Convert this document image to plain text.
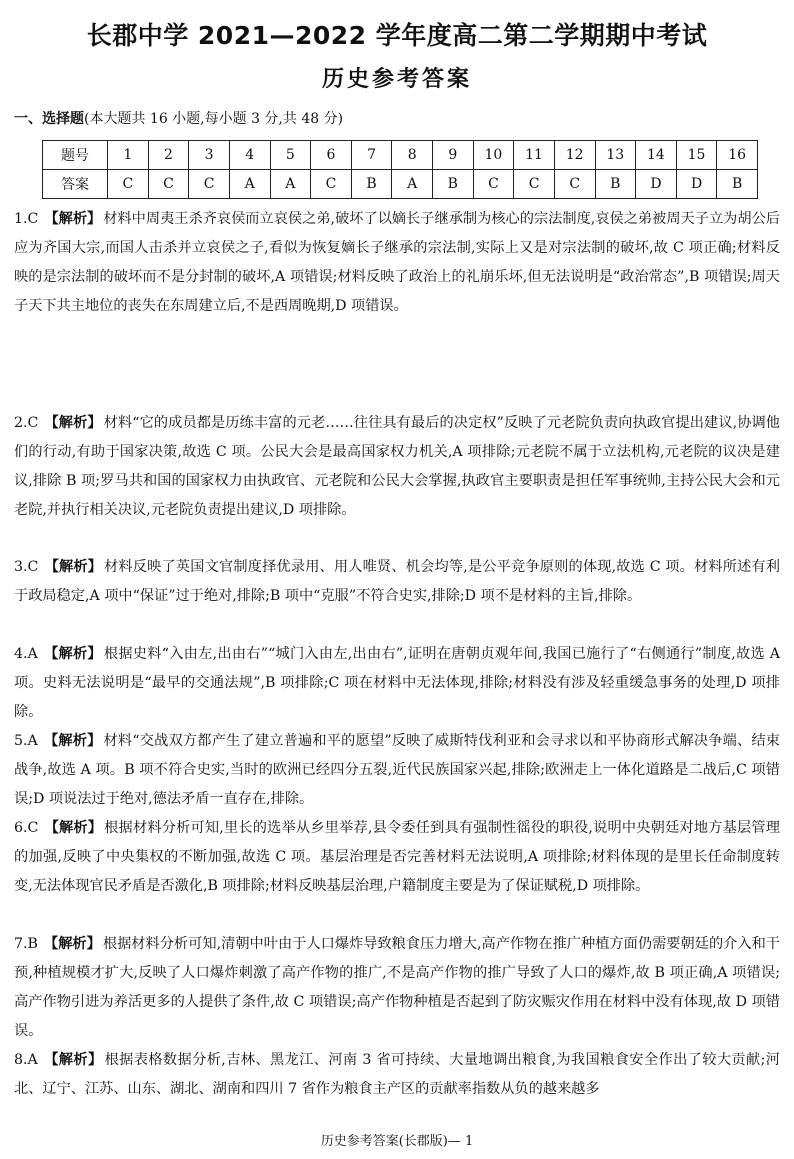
长郡中学 2021—2022 学年度高二第二学期期中考试
历史参考答案
一、选择题(本大题共 16 小题,每小题 3 分,共 48 分)
题号	1	2	3	4	5	6	7	8	9	10	11	12	13	14	15	16
答案	C	C	C	A	A	C	B	A	B	C	C	C	B	D	D	B
1.C 【解析】 材料中周夷王杀齐哀侯而立哀侯之弟,破坏了以嫡长子继承制为核心的宗法制度,哀侯之弟被周天子立为胡公后应为齐国大宗,而国人击杀并立哀侯之子,看似为恢复嫡长子继承的宗法制,实际上又是对宗法制的破坏,故 C 项正确;材料反映的是宗法制的破坏而不是分封制的破坏,A 项错误;材料反映了政治上的礼崩乐坏,但无法说明是“政治常态”,B 项错误;周天子天下共主地位的丧失在东周建立后,不是西周晚期,D 项错误。
2.C 【解析】 材料“它的成员都是历练丰富的元老……往往具有最后的决定权”反映了元老院负责向执政官提出建议,协调他们的行动,有助于国家决策,故选 C 项。公民大会是最高国家权力机关,A 项排除;元老院不属于立法机构,元老院的议决是建议,排除 B 项;罗马共和国的国家权力由执政官、元老院和公民大会掌握,执政官主要职责是担任军事统帅,主持公民大会和元老院,并执行相关决议,元老院负责提出建议,D 项排除。
3.C 【解析】 材料反映了英国文官制度择优录用、用人唯贤、机会均等,是公平竞争原则的体现,故选 C 项。材料所述有利于政局稳定,A 项中“保证”过于绝对,排除;B 项中“克服”不符合史实,排除;D 项不是材料的主旨,排除。
4.A 【解析】 根据史料“入由左,出由右”“城门入由左,出由右”,证明在唐朝贞观年间,我国已施行了“右侧通行”制度,故选 A 项。史料无法说明是“最早的交通法规”,B 项排除;C 项在材料中无法体现,排除;材料没有涉及轻重缓急事务的处理,D 项排除。
5.A 【解析】 材料“交战双方都产生了建立普遍和平的愿望”反映了威斯特伐利亚和会寻求以和平协商形式解决争端、结束战争,故选 A 项。B 项不符合史实,当时的欧洲已经四分五裂,近代民族国家兴起,排除;欧洲走上一体化道路是二战后,C 项错误;D 项说法过于绝对,德法矛盾一直存在,排除。
6.C 【解析】 根据材料分析可知,里长的选举从乡里举荐,县令委任到具有强制性徭役的职役,说明中央朝廷对地方基层管理的加强,反映了中央集权的不断加强,故选 C 项。基层治理是否完善材料无法说明,A 项排除;材料体现的是里长任命制度转变,无法体现官民矛盾是否激化,B 项排除;材料反映基层治理,户籍制度主要是为了保证赋税,D 项排除。
7.B 【解析】 根据材料分析可知,清朝中叶由于人口爆炸导致粮食压力增大,高产作物在推广种植方面仍需要朝廷的介入和干预,种植规模才扩大,反映了人口爆炸刺激了高产作物的推广,不是高产作物的推广导致了人口的爆炸,故 B 项正确,A 项错误;高产作物引进为养活更多的人提供了条件,故 C 项错误;高产作物种植是否起到了防灾赈灾作用在材料中没有体现,故 D 项错误。
8.A 【解析】 根据表格数据分析,吉林、黑龙江、河南 3 省可持续、大量地调出粮食,为我国粮食安全作出了较大贡献;河北、辽宁、江苏、山东、湖北、湖南和四川 7 省作为粮食主产区的贡献率指数从负的越来越多
历史参考答案(长郡版)— 1
